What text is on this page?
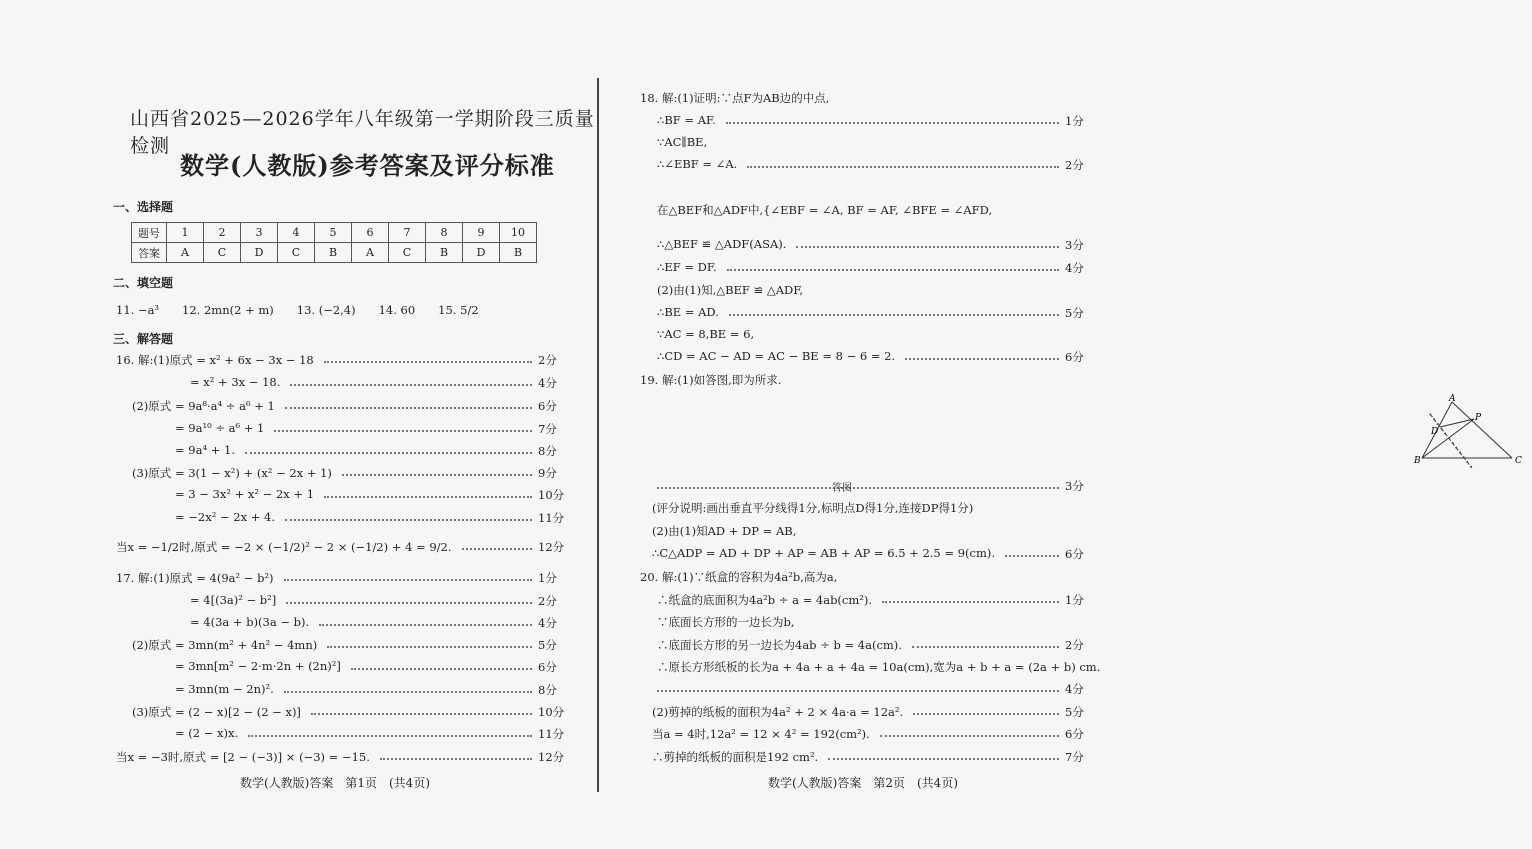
山西省2025—2026学年八年级第一学期阶段三质量检测
数学(人教版)参考答案及评分标准
一、选择题
题号	1	2	3	4	5	6	7	8	9	10
答案	A	C	D	C	B	A	C	B	D	B
二、填空题
11. −a³　　12. 2mn(2 + m)　　13. (−2,4)　　14. 60　　15. 5/2
三、解答题
16. 解:(1)原式 = x² + 6x − 3x − 18	2分
= x² + 3x − 18.	4分
(2)原式 = 9a⁸·a⁴ ÷ a⁶ + 1	6分
= 9a¹⁰ ÷ a⁶ + 1	7分
= 9a⁴ + 1.	8分
(3)原式 = 3(1 − x²) + (x² − 2x + 1)	9分
= 3 − 3x² + x² − 2x + 1	10分
= −2x² − 2x + 4.	11分
当x = −1/2时,原式 = −2 × (−1/2)² − 2 × (−1/2) + 4 = 9/2.	12分
17. 解:(1)原式 = 4(9a² − b²)	1分
= 4[(3a)² − b²]	2分
= 4(3a + b)(3a − b).	4分
(2)原式 = 3mn(m² + 4n² − 4mn)	5分
= 3mn[m² − 2·m·2n + (2n)²]	6分
= 3mn(m − 2n)².	8分
(3)原式 = (2 − x)[2 − (2 − x)]	10分
= (2 − x)x.	11分
当x = −3时,原式 = [2 − (−3)] × (−3) = −15.	12分
数学(人教版)答案　第1页　(共4页)
18. 解:(1)证明:∵点F为AB边的中点,
∴BF = AF.	1分
∵AC∥BE,
∴∠EBF = ∠A.	2分
在△BEF和△ADF中,{∠EBF = ∠A, BF = AF, ∠BFE = ∠AFD,
∴△BEF ≌ △ADF(ASA).	3分
∴EF = DF.	4分
(2)由(1)知,△BEF ≌ △ADF,
∴BE = AD.	5分
∵AC = 8,BE = 6,
∴CD = AC − AD = AC − BE = 8 − 6 = 2.	6分
19. 解:(1)如答图,即为所求.
3分
(评分说明:画出垂直平分线得1分,标明点D得1分,连接DP得1分)
(2)由(1)知AD + DP = AB,
∴C△ADP = AD + DP + AP = AB + AP = 6.5 + 2.5 = 9(cm).	6分
20. 解:(1)∵纸盒的容积为4a²b,高为a,
∴纸盒的底面积为4a²b ÷ a = 4ab(cm²).	1分
∵底面长方形的一边长为b,
∴底面长方形的另一边长为4ab ÷ b = 4a(cm).	2分
∴原长方形纸板的长为a + 4a + a + 4a = 10a(cm),宽为a + b + a = (2a + b) cm.
4分
(2)剪掉的纸板的面积为4a² + 2 × 4a·a = 12a².	5分
当a = 4时,12a² = 12 × 4² = 192(cm²).	6分
∴剪掉的纸板的面积是192 cm².	7分
A
P
D
B	C
答图
数学(人教版)答案　第2页　(共4页)
